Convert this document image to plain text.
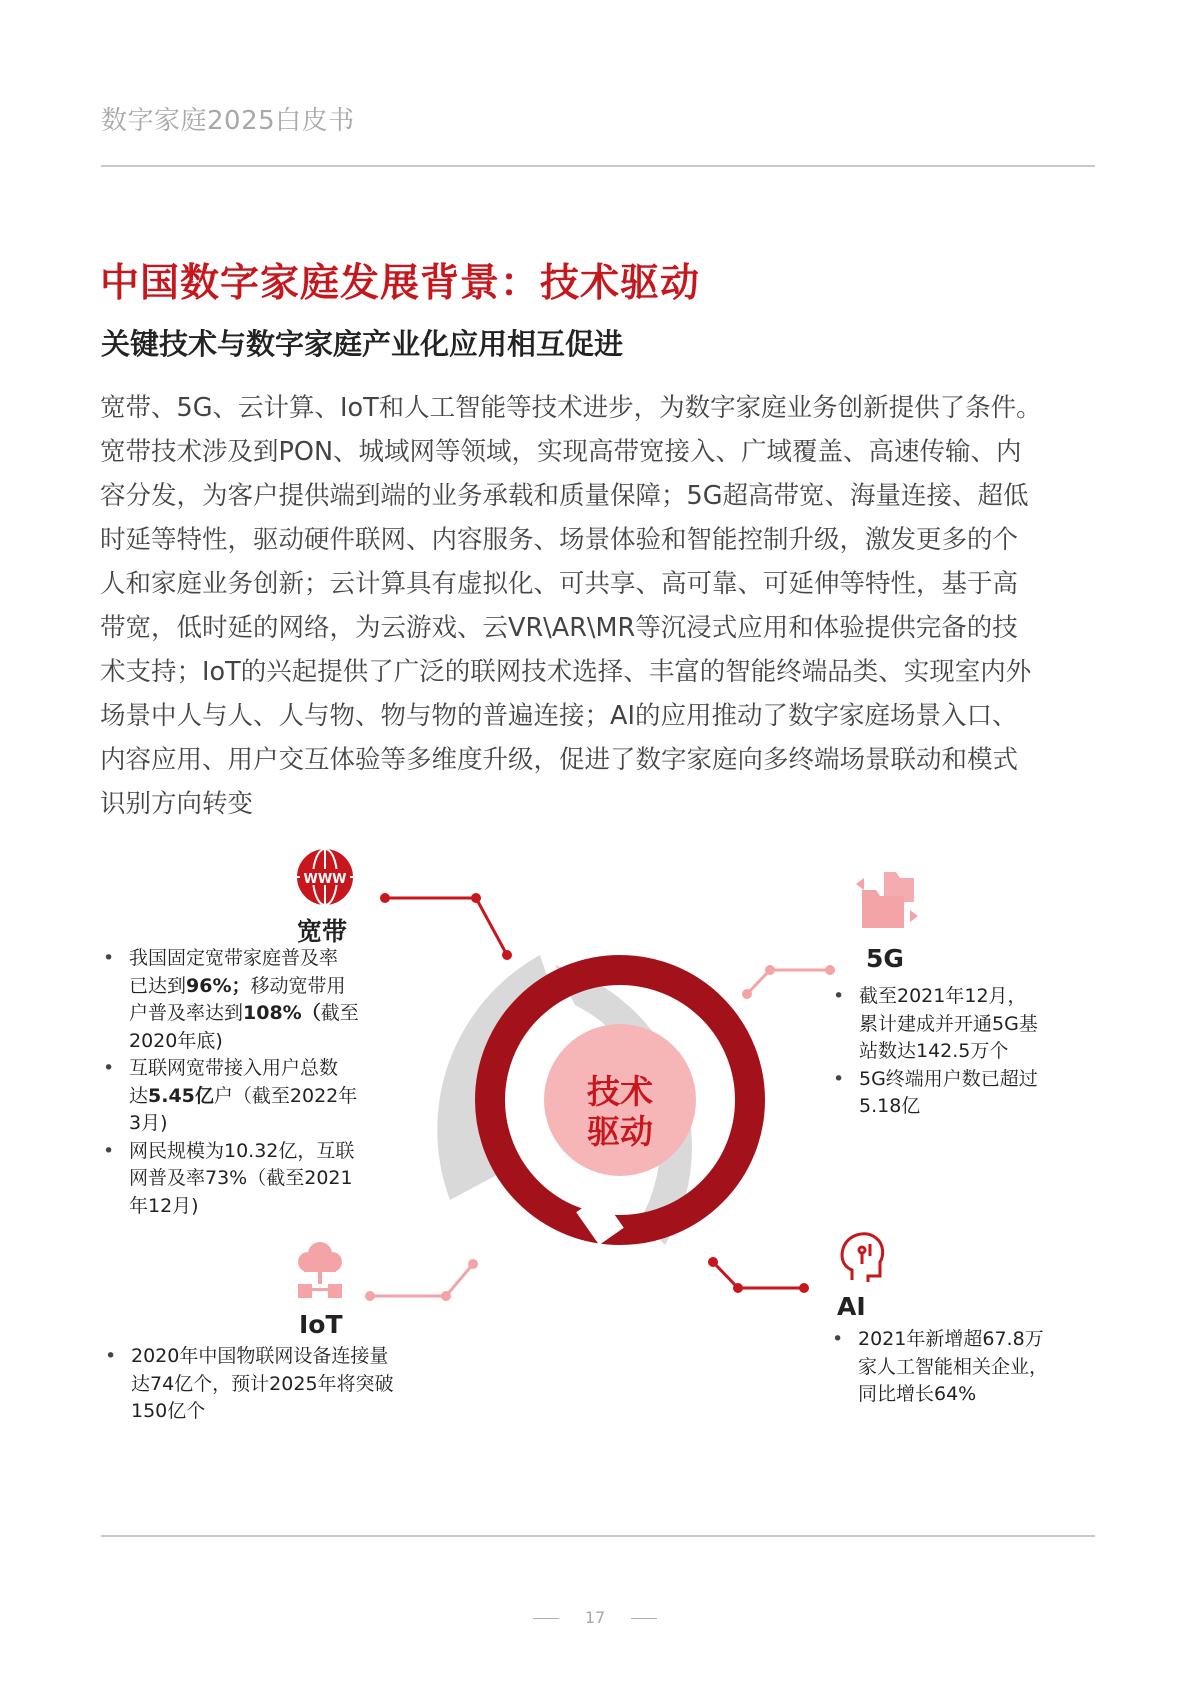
数字家庭2025白皮书
中国数字家庭发展背景：技术驱动
关键技术与数字家庭产业化应用相互促进
宽带、5G、云计算、IoT和人工智能等技术进步，为数字家庭业务创新提供了条件。
宽带技术涉及到PON、城域网等领域，实现高带宽接入、广域覆盖、高速传输、内
容分发，为客户提供端到端的业务承载和质量保障；5G超高带宽、海量连接、超低
时延等特性，驱动硬件联网、内容服务、场景体验和智能控制升级，激发更多的个
人和家庭业务创新；云计算具有虚拟化、可共享、高可靠、可延伸等特性，基于高
带宽，低时延的网络，为云游戏、云VR\AR\MR等沉浸式应用和体验提供完备的技
术支持；IoT的兴起提供了广泛的联网技术选择、丰富的智能终端品类、实现室内外
场景中人与人、人与物、物与物的普遍连接；AI的应用推动了数字家庭场景入口、
内容应用、用户交互体验等多维度升级，促进了数字家庭向多终端场景联动和模式
识别方向转变
WWW
技术
驱动
宽带
• 我国固定宽带家庭普及率
已达到96%；移动宽带用
户普及率达到108%（截至
2020年底)
• 互联网宽带接入用户总数
达5.45亿户（截至2022年
3月)
• 网民规模为10.32亿，互联
网普及率73%（截至2021
年12月)
5G
• 截至2021年12月，
累计建成并开通5G基
站数达142.5万个
• 5G终端用户数已超过
5.18亿
IoT
• 2020年中国物联网设备连接量
达74亿个，预计2025年将突破
150亿个
AI
• 2021年新增超67.8万
家人工智能相关企业，
同比增长64%
17
